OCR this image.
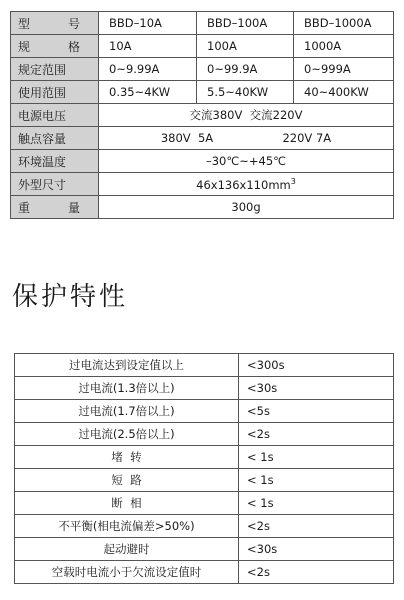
型 号	BBD–10A	BBD–100A	BBD–1000A

规 格	10A	100A	1000A
规定范围	0~9.99A	0~99.9A	0~999A
使用范围	0.35~4KW	5.5~40KW	40~400KW
电源电压	交流380V  交流220V		
触点容量	380V  5A 220V 7A		
环境温度	–30℃~+45℃		
外型尺寸	$46x136x110mm^3$

重 量	300g		
保护特性
过电流达到设定值以上	<300s
过电流(1.3倍以上)	<30s
过电流(1.7倍以上)	<5s
过电流(2.5倍以上)	<2s
堵  转	< 1s
短  路	< 1s
断  相	< 1s
不平衡(相电流偏差>50%)	<2s
起动避时	<30s
空载时电流小于欠流设定值时	<2s
